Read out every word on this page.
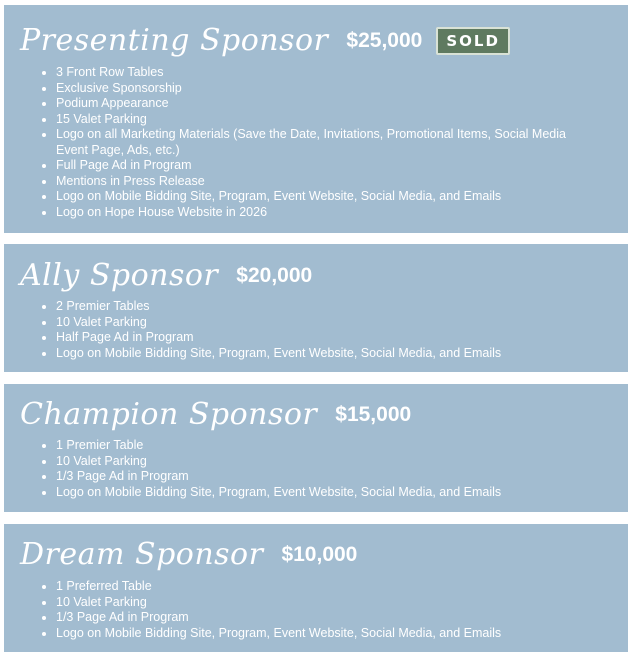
Presenting Sponsor $25,000	SOLD
• 3 Front Row Tables
• Exclusive Sponsorship
• Podium Appearance
• 15 Valet Parking
• Logo on all Marketing Materials (Save the Date, Invitations, Promotional Items, Social Media Event Page, Ads, etc.)
• Full Page Ad in Program
• Mentions in Press Release
• Logo on Mobile Bidding Site, Program, Event Website, Social Media, and Emails
• Logo on Hope House Website in 2026
Ally Sponsor $20,000
• 2 Premier Tables
• 10 Valet Parking
• Half Page Ad in Program
• Logo on Mobile Bidding Site, Program, Event Website, Social Media, and Emails
Champion Sponsor $15,000
• 1 Premier Table
• 10 Valet Parking
• 1/3 Page Ad in Program
• Logo on Mobile Bidding Site, Program, Event Website, Social Media, and Emails
Dream Sponsor $10,000
• 1 Preferred Table
• 10 Valet Parking
• 1/3 Page Ad in Program
• Logo on Mobile Bidding Site, Program, Event Website, Social Media, and Emails
